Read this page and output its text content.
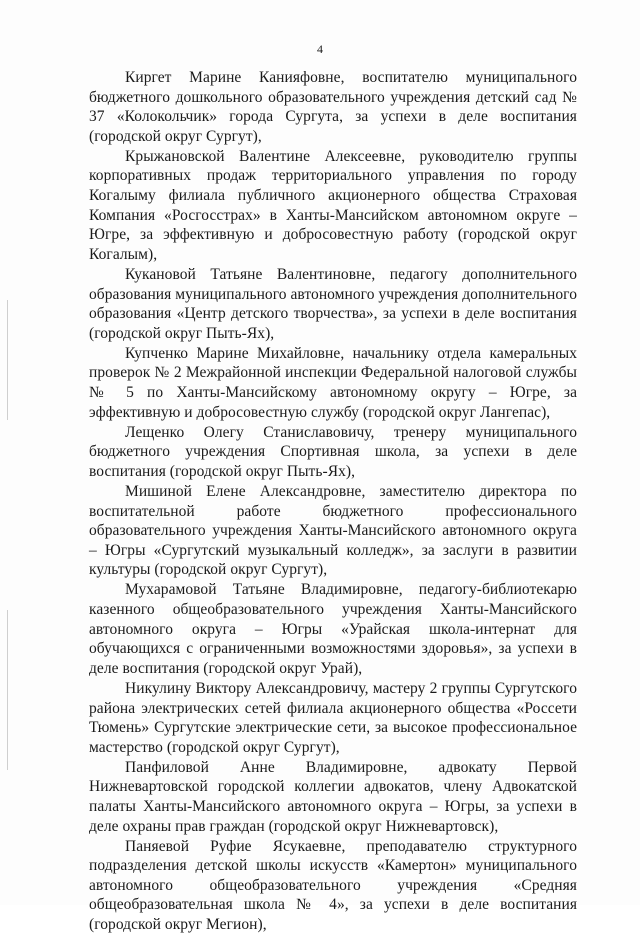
4

Киргет Марине Канияфовне, воспитателю муниципального бюджетного дошкольного образовательного учреждения детский сад № 37 «Колокольчик» города Сургута, за успехи в деле воспитания (городской округ Сургут),

Крыжановской Валентине Алексеевне, руководителю группы корпоративных продаж территориального управления по городу Когалыму филиала публичного акционерного общества Страховая Компания «Росгосстрах» в Ханты-Мансийском автономном округе – Югре, за эффективную и добросовестную работу (городской округ Когалым),

Кукановой Татьяне Валентиновне, педагогу дополнительного образования муниципального автономного учреждения дополнительного образования «Центр детского творчества», за успехи в деле воспитания (городской округ Пыть-Ях),

Купченко Марине Михайловне, начальнику отдела камеральных проверок № 2 Межрайонной инспекции Федеральной налоговой службы № 5 по Ханты-Мансийскому автономному округу – Югре, за эффективную и добросовестную службу (городской округ Лангепас),

Лещенко Олегу Станиславовичу, тренеру муниципального бюджетного учреждения Спортивная школа, за успехи в деле воспитания (городской округ Пыть-Ях),

Мишиной Елене Александровне, заместителю директора по воспитательной работе бюджетного профессионального образовательного учреждения Ханты-Мансийского автономного округа – Югры «Сургутский музыкальный колледж», за заслуги в развитии культуры (городской округ Сургут),

Мухарамовой Татьяне Владимировне, педагогу-библиотекарю казенного общеобразовательного учреждения Ханты-Мансийского автономного округа – Югры «Урайская школа-интернат для обучающихся с ограниченными возможностями здоровья», за успехи в деле воспитания (городской округ Урай),

Никулину Виктору Александровичу, мастеру 2 группы Сургутского района электрических сетей филиала акционерного общества «Россети Тюмень» Сургутские электрические сети, за высокое профессиональное мастерство (городской округ Сургут),

Панфиловой Анне Владимировне, адвокату Первой Нижневартовской городской коллегии адвокатов, члену Адвокатской палаты Ханты-Мансийского автономного округа – Югры, за успехи в деле охраны прав граждан (городской округ Нижневартовск),

Паняевой Руфие Ясукаевне, преподавателю структурного подразделения детской школы искусств «Камертон» муниципального автономного общеобразовательного учреждения «Средняя общеобразовательная школа № 4», за успехи в деле воспитания (городской округ Мегион),
